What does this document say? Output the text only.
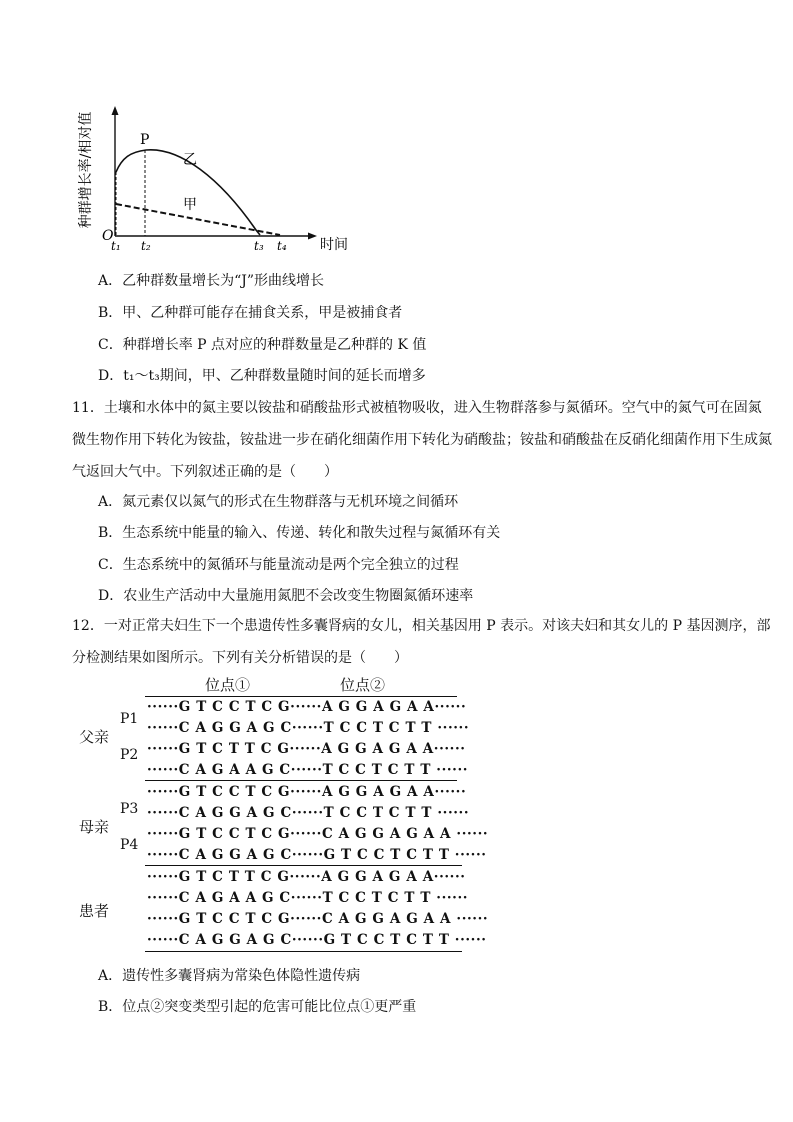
种群增长率/相对值
O
P
乙
甲
t₁ t₂	t₃ t₄ 时间
A．乙种群数量增长为“J”形曲线增长
B．甲、乙种群可能存在捕食关系，甲是被捕食者
C．种群增长率 P 点对应的种群数量是乙种群的 K 值
D．t₁～t₃期间，甲、乙种群数量随时间的延长而增多
11．土壤和水体中的氮主要以铵盐和硝酸盐形式被植物吸收，进入生物群落参与氮循环。空气中的氮气可在固氮微生物作用下转化为铵盐，铵盐进一步在硝化细菌作用下转化为硝酸盐；铵盐和硝酸盐在反硝化细菌作用下生成氮气返回大气中。下列叙述正确的是（　　）
A．氮元素仅以氮气的形式在生物群落与无机环境之间循环
B．生态系统中能量的输入、传递、转化和散失过程与氮循环有关
C．生态系统中的氮循环与能量流动是两个完全独立的过程
D．农业生产活动中大量施用氮肥不会改变生物圈氮循环速率
12．一对正常夫妇生下一个患遗传性多囊肾病的女儿，相关基因用 P 表示。对该夫妇和其女儿的 P 基因测序，部分检测结果如图所示。下列有关分析错误的是（　　）
位点①	位点②
父亲
P1
P2
······G T C C T C G······A G G A G A A······
······C A G G A G C······T C C T C T T ······
······G T C T T C G······A G G A G A A······
······C A G A A G C······T C C T C T T ······
母亲
P3
P4
······G T C C T C G······A G G A G A A······
······C A G G A G C······T C C T C T T ······
······G T C C T C G······C A G G A G A A ······
······C A G G A G C······G T C C T C T T ······
患者
······G T C T T C G······A G G A G A A······
······C A G A A G C······T C C T C T T ······
······G T C C T C G······C A G G A G A A ······
······C A G G A G C······G T C C T C T T ······
A．遗传性多囊肾病为常染色体隐性遗传病
B．位点②突变类型引起的危害可能比位点①更严重
